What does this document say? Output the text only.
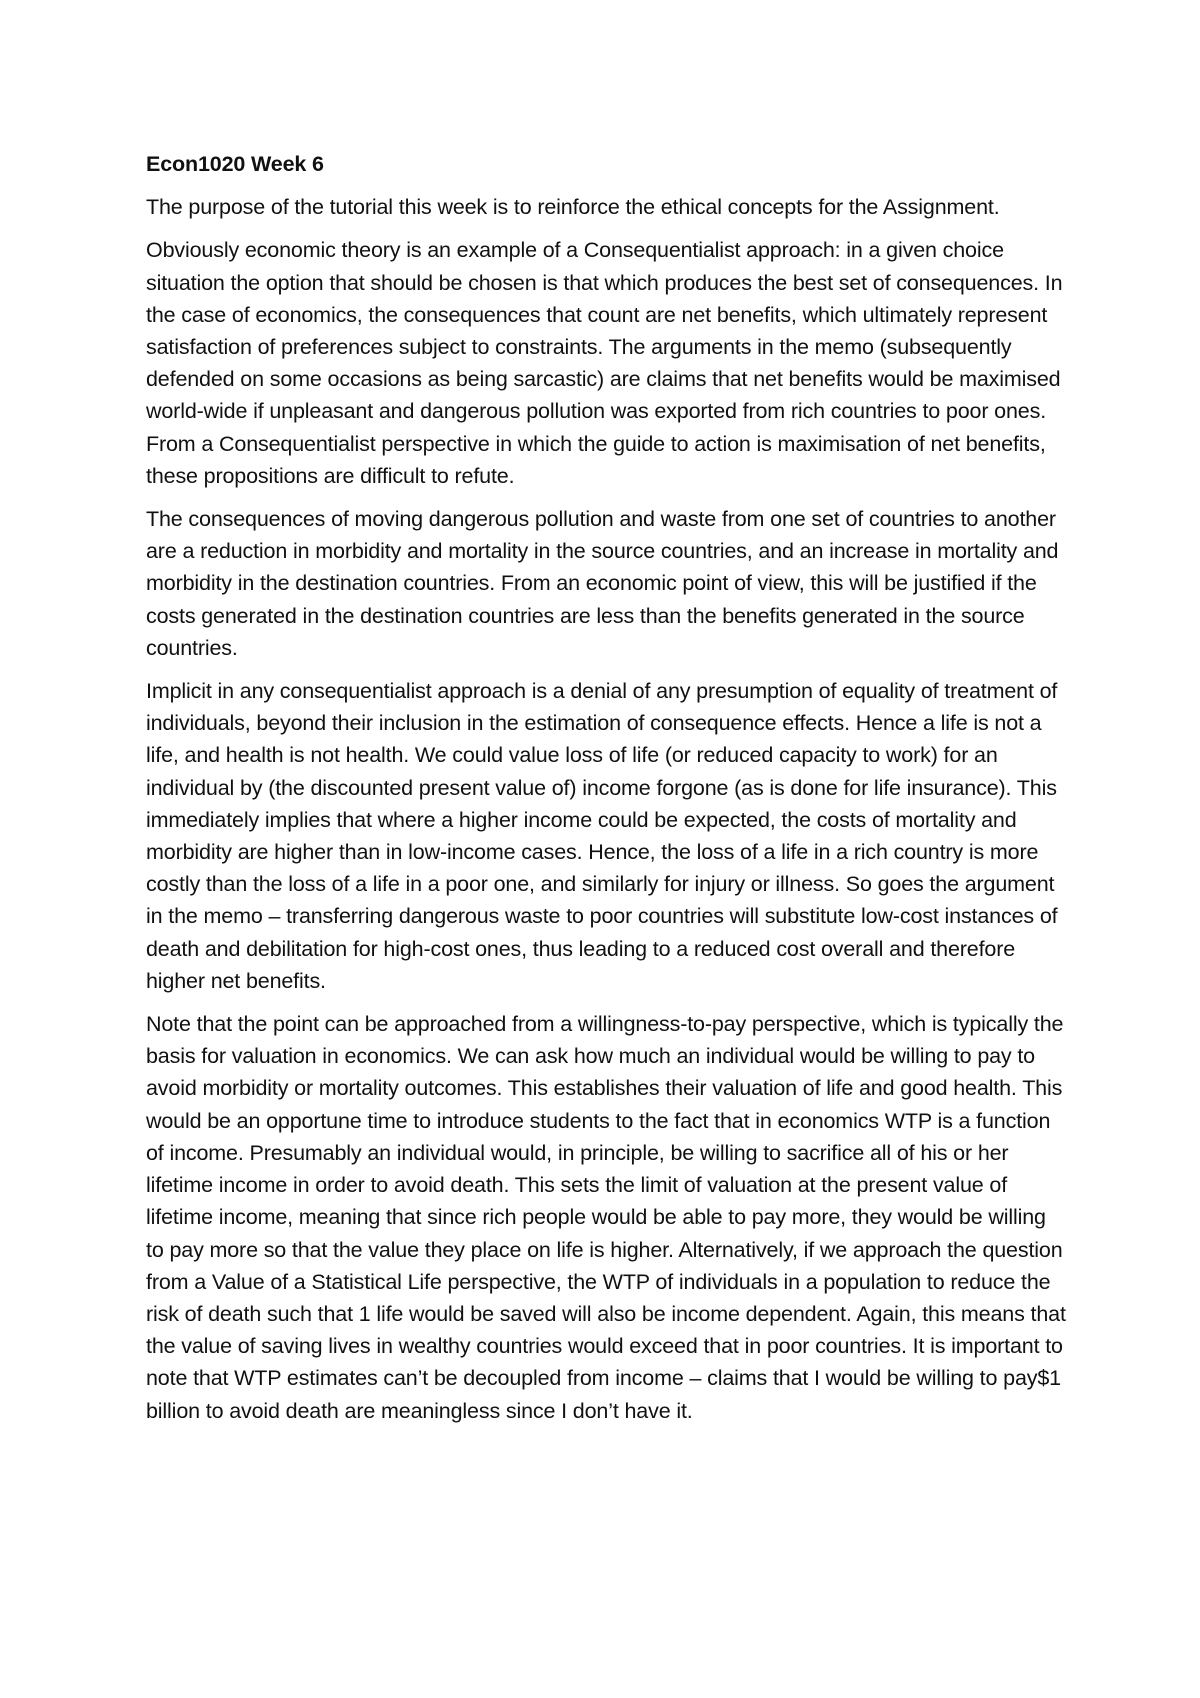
Econ1020 Week 6

The purpose of the tutorial this week is to reinforce the ethical concepts for the Assignment.

Obviously economic theory is an example of a Consequentialist approach: in a given choice situation the option that should be chosen is that which produces the best set of consequences. In the case of economics, the consequences that count are net benefits, which ultimately represent satisfaction of preferences subject to constraints. The arguments in the memo (subsequently defended on some occasions as being sarcastic) are claims that net benefits would be maximised world-wide if unpleasant and dangerous pollution was exported from rich countries to poor ones. From a Consequentialist perspective in which the guide to action is maximisation of net benefits, these propositions are difficult to refute.

The consequences of moving dangerous pollution and waste from one set of countries to another are a reduction in morbidity and mortality in the source countries, and an increase in mortality and morbidity in the destination countries. From an economic point of view, this will be justified if the costs generated in the destination countries are less than the benefits generated in the source countries.

Implicit in any consequentialist approach is a denial of any presumption of equality of treatment of individuals, beyond their inclusion in the estimation of consequence effects. Hence a life is not a life, and health is not health. We could value loss of life (or reduced capacity to work) for an individual by (the discounted present value of) income forgone (as is done for life insurance). This immediately implies that where a higher income could be expected, the costs of mortality and morbidity are higher than in low-income cases. Hence, the loss of a life in a rich country is more costly than the loss of a life in a poor one, and similarly for injury or illness. So goes the argument in the memo – transferring dangerous waste to poor countries will substitute low-cost instances of death and debilitation for high-cost ones, thus leading to a reduced cost overall and therefore higher net benefits.

Note that the point can be approached from a willingness-to-pay perspective, which is typically the basis for valuation in economics. We can ask how much an individual would be willing to pay to avoid morbidity or mortality outcomes. This establishes their valuation of life and good health. This would be an opportune time to introduce students to the fact that in economics WTP is a function of income. Presumably an individual would, in principle, be willing to sacrifice all of his or her lifetime income in order to avoid death. This sets the limit of valuation at the present value of lifetime income, meaning that since rich people would be able to pay more, they would be willing to pay more so that the value they place on life is higher. Alternatively, if we approach the question from a Value of a Statistical Life perspective, the WTP of individuals in a population to reduce the risk of death such that 1 life would be saved will also be income dependent. Again, this means that the value of saving lives in wealthy countries would exceed that in poor countries. It is important to note that WTP estimates can’t be decoupled from income – claims that I would be willing to pay$1 billion to avoid death are meaningless since I don’t have it.
